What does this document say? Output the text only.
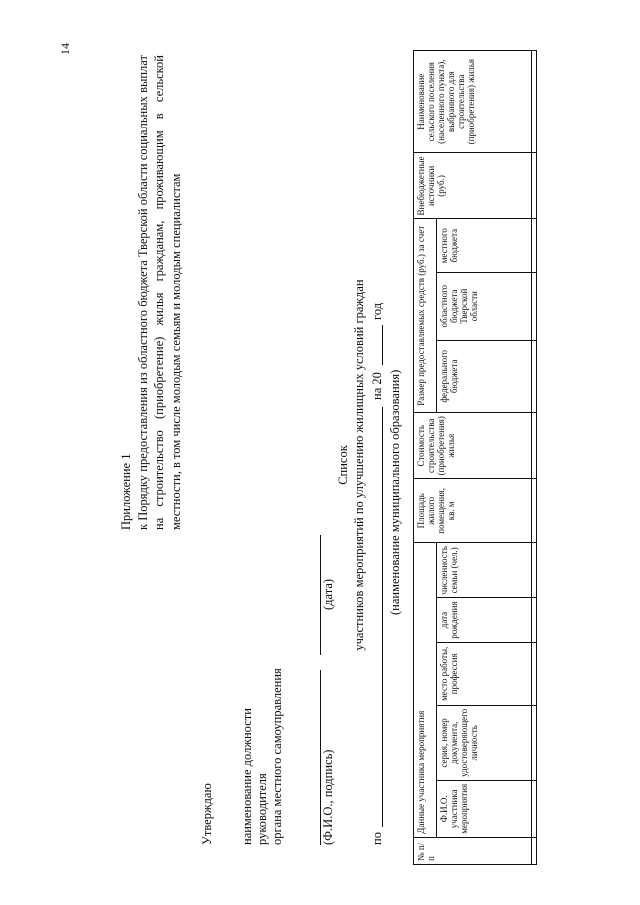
14
Приложение 1 к Порядку предоставления из областного бюджета Тверской области социальных выплат на строительство (приобретение) жилья гражданам, проживающим в сельской местности, в том числе молодым семьям и молодым специалистам
Утверждаю наименование должности руководителя органа местного самоуправления	(Ф.И.О., подпись)
(дата)
Список участников мероприятий по улучшению жилищных условий граждан
по
на 20
год
(наименование муниципального образования)
№ п/п	Данные участника мероприятия					Площадь жилого помещения, кв. м	Стоимость строительства (приобретения) жилья	Размер предоставляемых средств (руб.) за счет			Внебюджетные источники (руб.)	Наименование сельского поселения (населенного пункта), выбранного для строительства (приобретения) жилья
	Ф.И.О. участника мероприятия	серия, номер документа, удостоверяющего личность	место работы, профессия	дата рождения	численность семьи (чел.)			федерального бюджета	областного бюджета Тверской области	местного бюджета		
